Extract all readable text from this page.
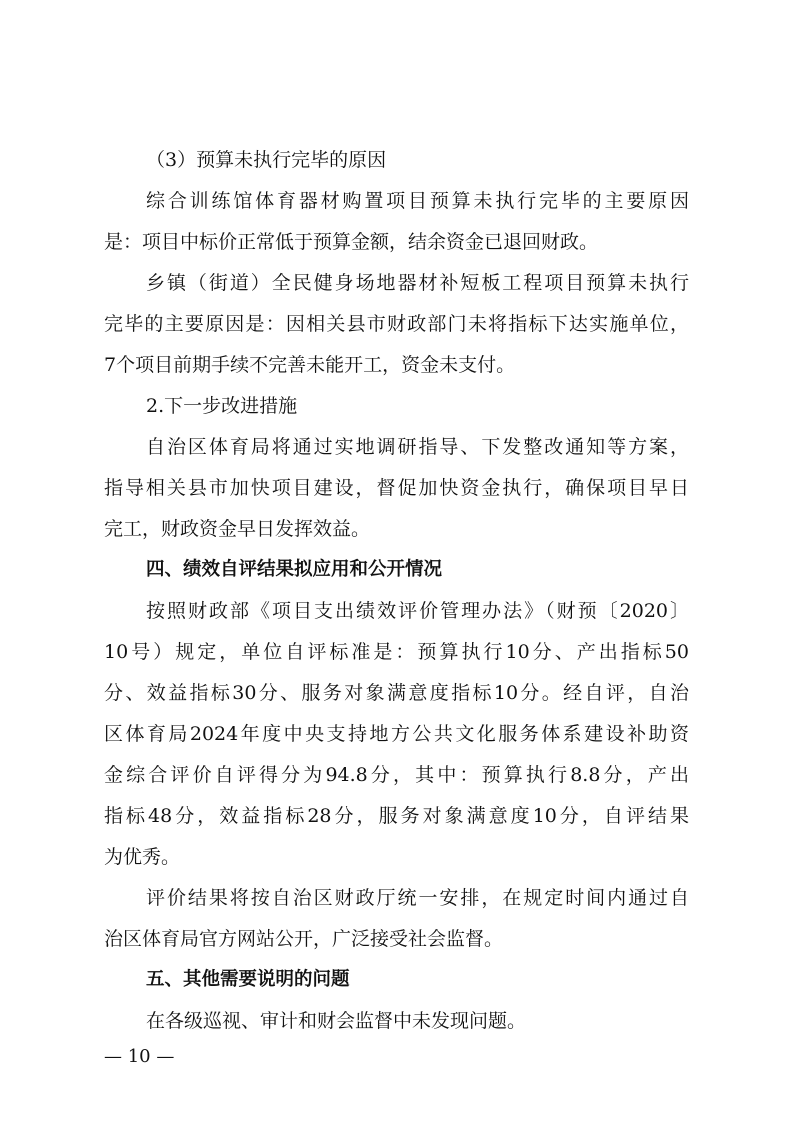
（3）预算未执行完毕的原因
综合训练馆体育器材购置项目预算未执行完毕的主要原因
是：项目中标价正常低于预算金额，结余资金已退回财政。
乡镇（街道）全民健身场地器材补短板工程项目预算未执行
完毕的主要原因是：因相关县市财政部门未将指标下达实施单位，
7个项目前期手续不完善未能开工，资金未支付。
2.下一步改进措施
自治区体育局将通过实地调研指导、下发整改通知等方案，
指导相关县市加快项目建设，督促加快资金执行，确保项目早日
完工，财政资金早日发挥效益。
四、绩效自评结果拟应用和公开情况
按照财政部《项目支出绩效评价管理办法》（财预〔2020〕
10号）规定，单位自评标准是：预算执行10分、产出指标50
分、效益指标30分、服务对象满意度指标10分。经自评，自治
区体育局2024年度中央支持地方公共文化服务体系建设补助资
金综合评价自评得分为94.8分，其中：预算执行8.8分，产出
指标48分，效益指标28分，服务对象满意度10分，自评结果
为优秀。
评价结果将按自治区财政厅统一安排，在规定时间内通过自
治区体育局官方网站公开，广泛接受社会监督。
五、其他需要说明的问题
在各级巡视、审计和财会监督中未发现问题。
— 10 —
